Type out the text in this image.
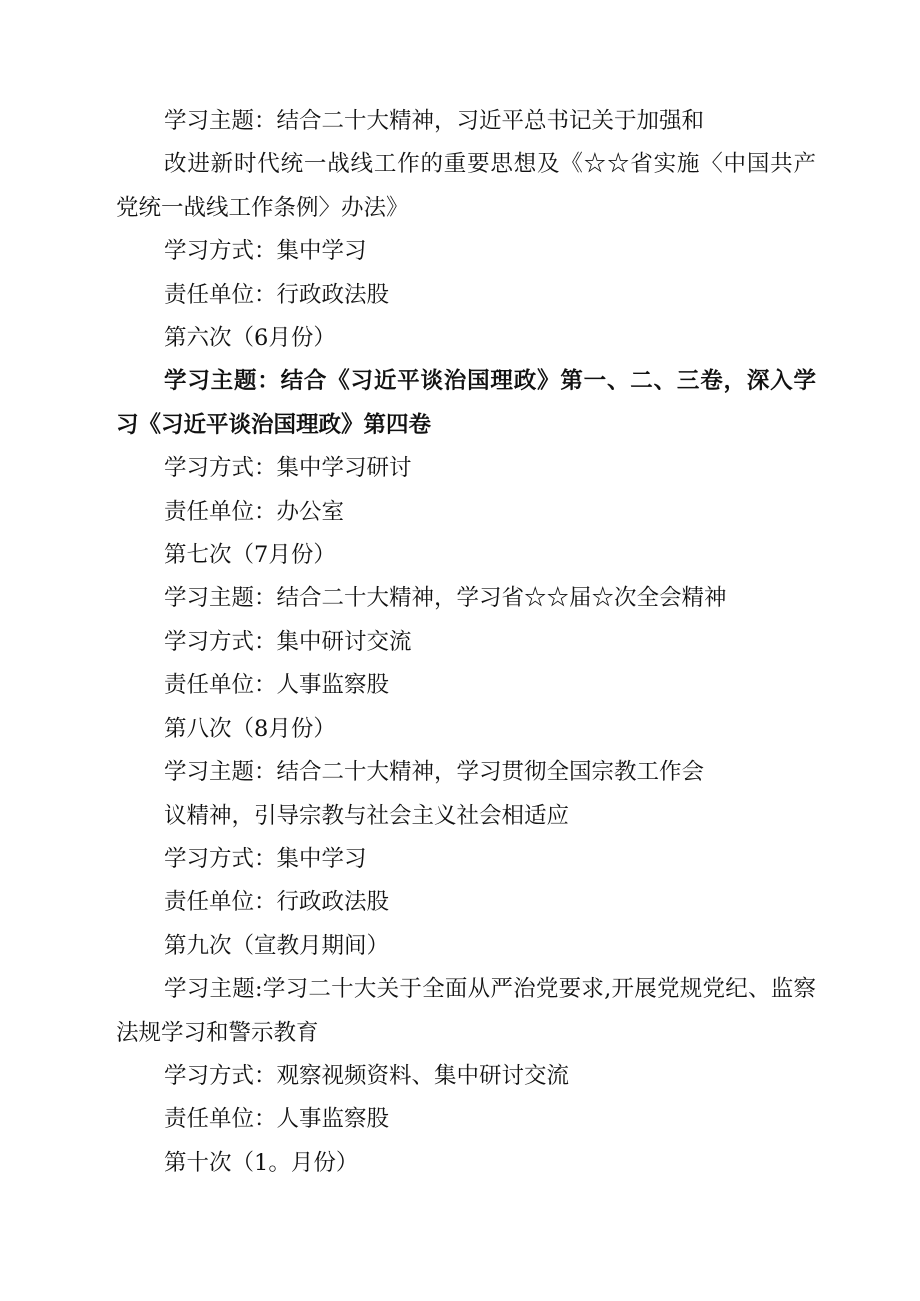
学习主题：结合二十大精神，习近平总书记关于加强和

改进新时代统一战线工作的重要思想及《☆☆省实施〈中国共产党统一战线工作条例〉办法》

学习方式：集中学习

责任单位：行政政法股

第六次（6月份）

学习主题：结合《习近平谈治国理政》第一、二、三卷，深入学习《习近平谈治国理政》第四卷

学习方式：集中学习研讨

责任单位：办公室

第七次（7月份）

学习主题：结合二十大精神，学习省☆☆届☆次全会精神

学习方式：集中研讨交流

责任单位：人事监察股

第八次（8月份）

学习主题：结合二十大精神，学习贯彻全国宗教工作会

议精神，引导宗教与社会主义社会相适应

学习方式：集中学习

责任单位：行政政法股

第九次（宣教月期间）

学习主题:学习二十大关于全面从严治党要求,开展党规党纪、监察法规学习和警示教育

学习方式：观察视频资料、集中研讨交流

责任单位：人事监察股

第十次（1。月份）
